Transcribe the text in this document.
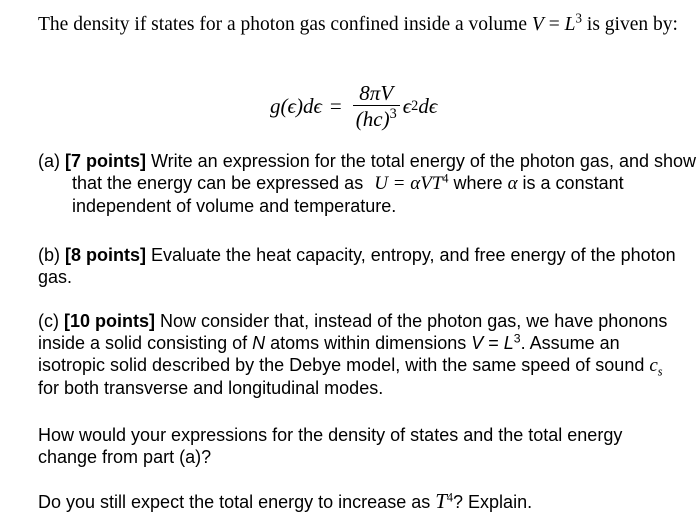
The density if states for a photon gas confined inside a volume $V = L^3$ is given by:
$g(\epsilon)d\epsilon = \frac{8\pi V}{(hc)^3}$ ϵ 2 dϵ
(a) [7 points] Write an expression for the total energy of the photon gas, and show that the energy can be expressed as U = αVT$^4$ where α is a constant independent of volume and temperature.
(b) [8 points] Evaluate the heat capacity, entropy, and free energy of the photon gas.
(c) [10 points] Now consider that, instead of the photon gas, we have phonons inside a solid consisting of N atoms within dimensions $V = L^3$. Assume an isotropic solid described by the Debye model, with the same speed of sound $c_s$ for both transverse and longitudinal modes.
How would your expressions for the density of states and the total energy change from part (a)?
Do you still expect the total energy to increase as $T^4$? Explain.
